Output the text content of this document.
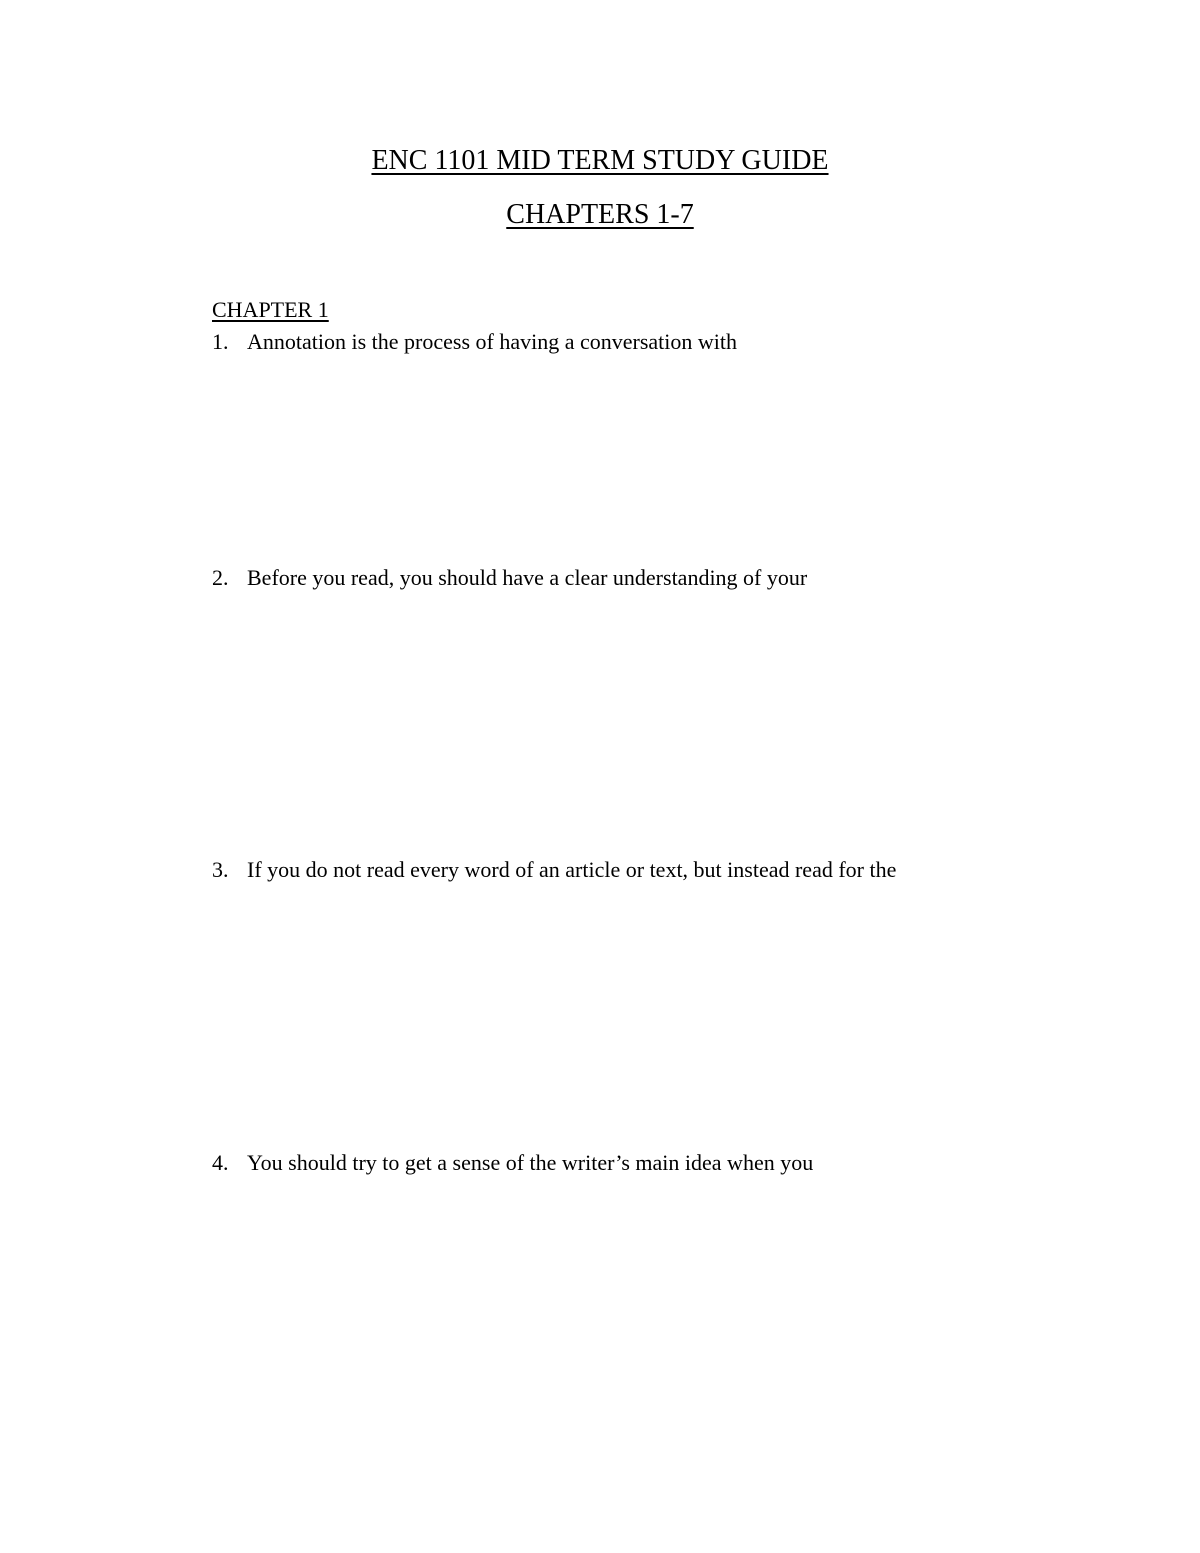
ENC 1101 MID TERM STUDY GUIDE
CHAPTERS 1-7
CHAPTER 1
1. Annotation is the process of having a conversation with
2. Before you read, you should have a clear understanding of your
3. If you do not read every word of an article or text, but instead read for the
4. You should try to get a sense of the writer’s main idea when you
